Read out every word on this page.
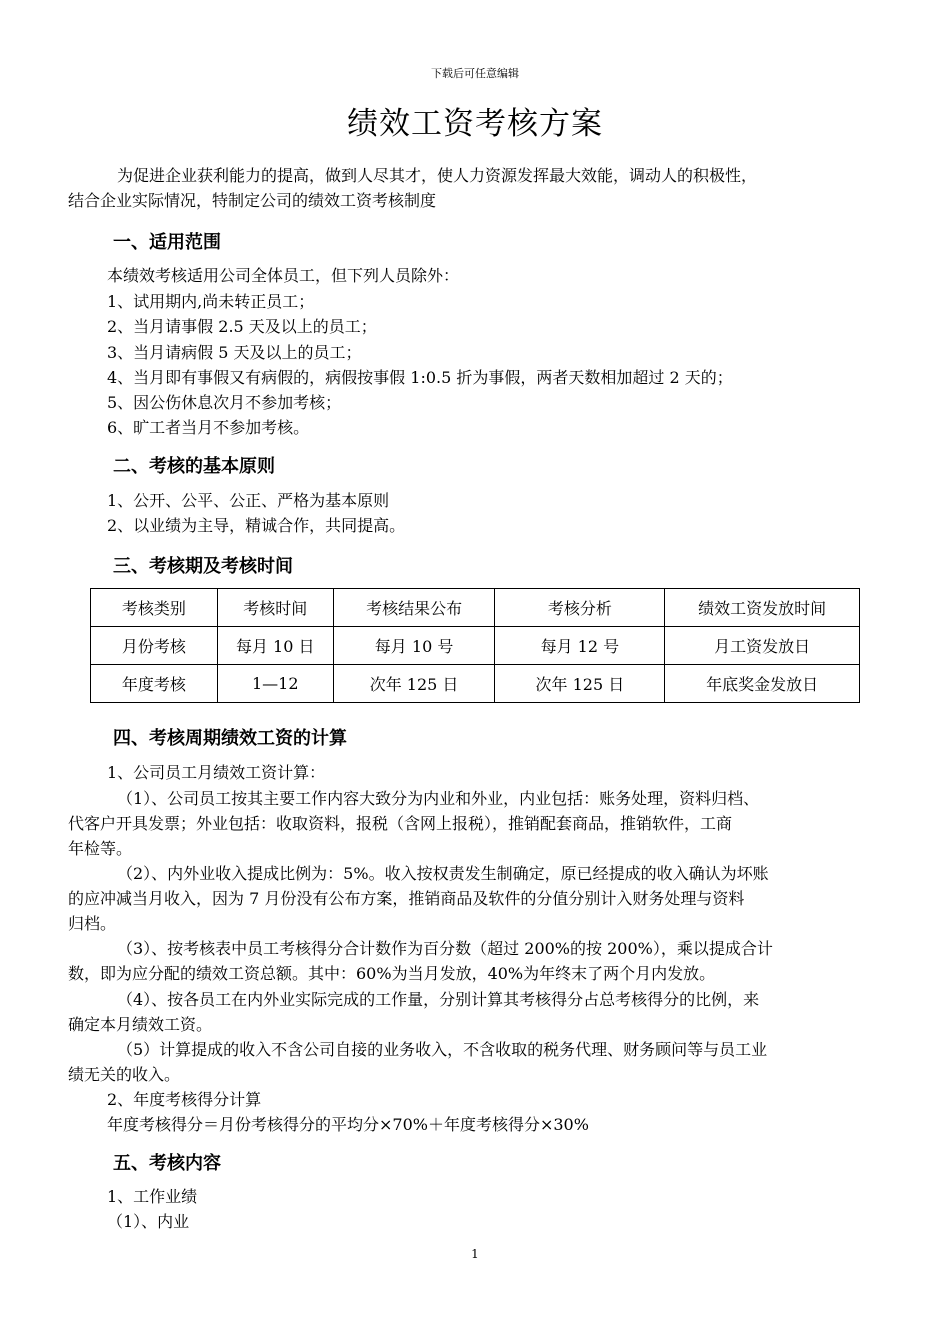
下载后可任意编辑
绩效工资考核方案
为促进企业获利能力的提高，做到人尽其才，使人力资源发挥最大效能，调动人的积极性，
结合企业实际情况，特制定公司的绩效工资考核制度
一、适用范围
本绩效考核适用公司全体员工，但下列人员除外：
1、试用期内,尚未转正员工；
2、当月请事假 2.5 天及以上的员工；
3、当月请病假 5 天及以上的员工；
4、当月即有事假又有病假的，病假按事假 1:0.5 折为事假，两者天数相加超过 2 天的；
5、因公伤休息次月不参加考核；
6、旷工者当月不参加考核。
二、考核的基本原则
1、公开、公平、公正、严格为基本原则
2、以业绩为主导，精诚合作，共同提高。
三、考核期及考核时间
考核类别	考核时间	考核结果公布	考核分析	绩效工资发放时间
月份考核	每月 10 日	每月 10 号	每月 12 号	月工资发放日
年度考核	1—12	次年 125 日	次年 125 日	年底奖金发放日
四、考核周期绩效工资的计算
1、公司员工月绩效工资计算：
（1）、公司员工按其主要工作内容大致分为内业和外业，内业包括：账务处理，资料归档、
代客户开具发票；外业包括：收取资料，报税（含网上报税），推销配套商品，推销软件，工商
年检等。
（2）、内外业收入提成比例为：5%。收入按权责发生制确定，原已经提成的收入确认为坏账
的应冲减当月收入，因为 7 月份没有公布方案，推销商品及软件的分值分别计入财务处理与资料
归档。
（3）、按考核表中员工考核得分合计数作为百分数（超过 200%的按 200%），乘以提成合计
数，即为应分配的绩效工资总额。其中：60%为当月发放，40%为年终末了两个月内发放。
（4）、按各员工在内外业实际完成的工作量，分别计算其考核得分占总考核得分的比例，来
确定本月绩效工资。
（5）计算提成的收入不含公司自接的业务收入，不含收取的税务代理、财务顾问等与员工业
绩无关的收入。
2、年度考核得分计算
年度考核得分＝月份考核得分的平均分×70%＋年度考核得分×30%
五、考核内容
1、工作业绩
（1）、内业
1
